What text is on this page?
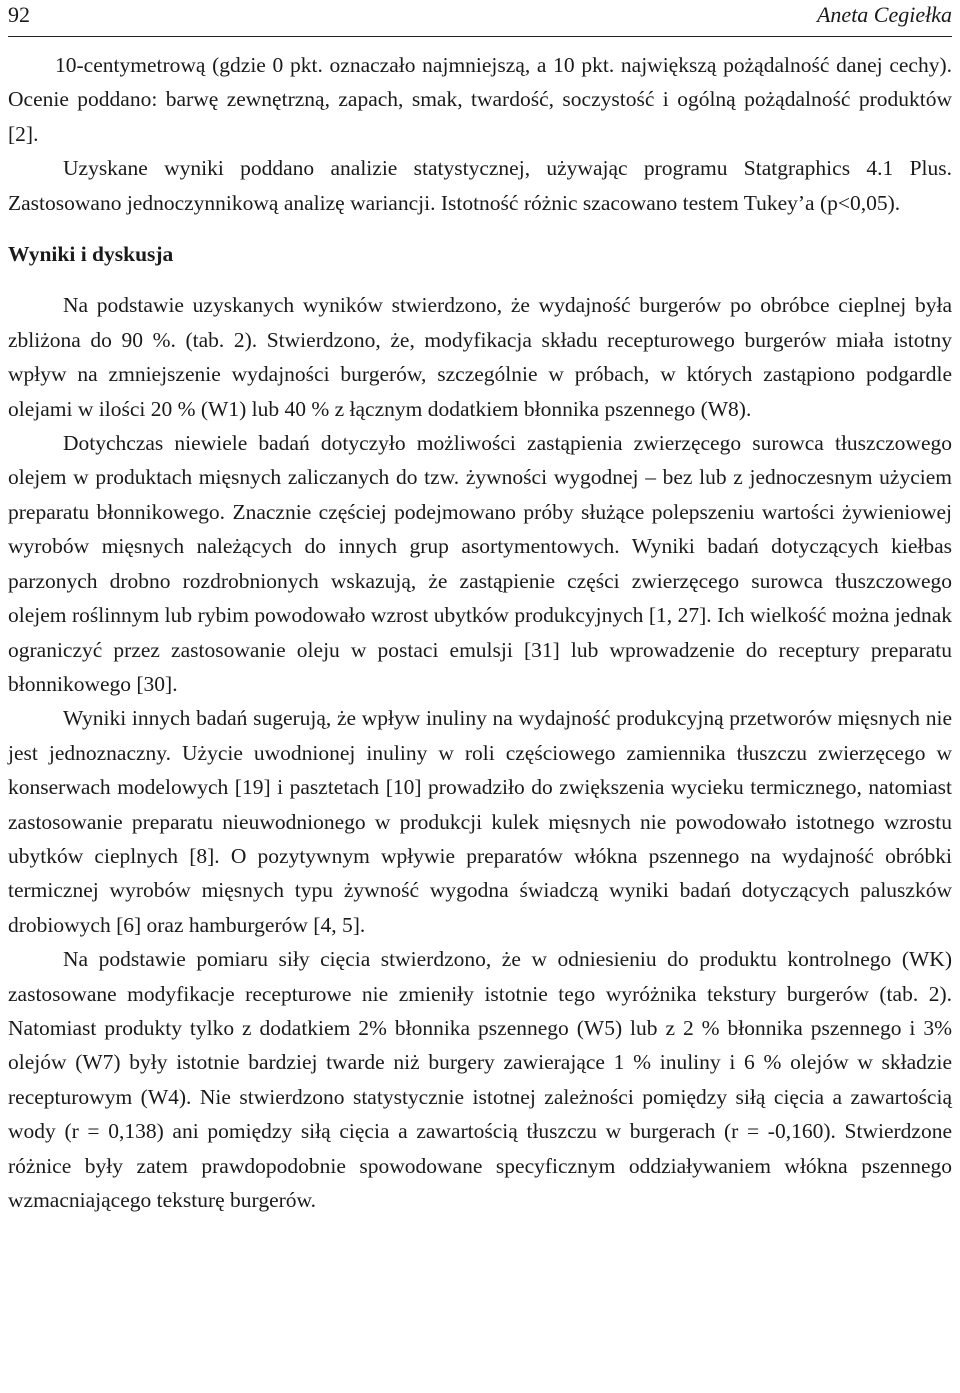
92	Aneta Cegiełka

10-centymetrową (gdzie 0 pkt. oznaczało najmniejszą, a 10 pkt. największą pożądalność danej cechy). Ocenie poddano: barwę zewnętrzną, zapach, smak, twardość, soczystość i ogólną pożądalność produktów [2].

Uzyskane wyniki poddano analizie statystycznej, używając programu Statgraphics 4.1 Plus. Zastosowano jednoczynnikową analizę wariancji. Istotność różnic szacowano testem Tukey’a (p<0,05).

Wyniki i dyskusja

Na podstawie uzyskanych wyników stwierdzono, że wydajność burgerów po obróbce cieplnej była zbliżona do 90 %. (tab. 2). Stwierdzono, że, modyfikacja składu recepturowego burgerów miała istotny wpływ na zmniejszenie wydajności burgerów, szczególnie w próbach, w których zastąpiono podgardle olejami w ilości 20 % (W1) lub 40 % z łącznym dodatkiem błonnika pszennego (W8).

Dotychczas niewiele badań dotyczyło możliwości zastąpienia zwierzęcego surowca tłuszczowego olejem w produktach mięsnych zaliczanych do tzw. żywności wygodnej – bez lub z jednoczesnym użyciem preparatu błonnikowego. Znacznie częściej podejmowano próby służące polepszeniu wartości żywieniowej wyrobów mięsnych należących do innych grup asortymentowych. Wyniki badań dotyczących kiełbas parzonych drobno rozdrobnionych wskazują, że zastąpienie części zwierzęcego surowca tłuszczowego olejem roślinnym lub rybim powodowało wzrost ubytków produkcyjnych [1, 27]. Ich wielkość można jednak ograniczyć przez zastosowanie oleju w postaci emulsji [31] lub wprowadzenie do receptury preparatu błonnikowego [30].

Wyniki innych badań sugerują, że wpływ inuliny na wydajność produkcyjną przetworów mięsnych nie jest jednoznaczny. Użycie uwodnionej inuliny w roli częściowego zamiennika tłuszczu zwierzęcego w konserwach modelowych [19] i pasztetach [10] prowadziło do zwiększenia wycieku termicznego, natomiast zastosowanie preparatu nieuwodnionego w produkcji kulek mięsnych nie powodowało istotnego wzrostu ubytków cieplnych [8]. O pozytywnym wpływie preparatów włókna pszennego na wydajność obróbki termicznej wyrobów mięsnych typu żywność wygodna świadczą wyniki badań dotyczących paluszków drobiowych [6] oraz hamburgerów [4, 5].

Na podstawie pomiaru siły cięcia stwierdzono, że w odniesieniu do produktu kontrolnego (WK) zastosowane modyfikacje recepturowe nie zmieniły istotnie tego wyróżnika tekstury burgerów (tab. 2). Natomiast produkty tylko z dodatkiem 2% błonnika pszennego (W5) lub z 2 % błonnika pszennego i 3% olejów (W7) były istotnie bardziej twarde niż burgery zawierające 1 % inuliny i 6 % olejów w składzie recepturowym (W4). Nie stwierdzono statystycznie istotnej zależności pomiędzy siłą cięcia a zawartością wody (r = 0,138) ani pomiędzy siłą cięcia a zawartością tłuszczu w burgerach (r = -0,160). Stwierdzone różnice były zatem prawdopodobnie spowodowane specyficznym oddziaływaniem włókna pszennego wzmacniającego teksturę burgerów.
